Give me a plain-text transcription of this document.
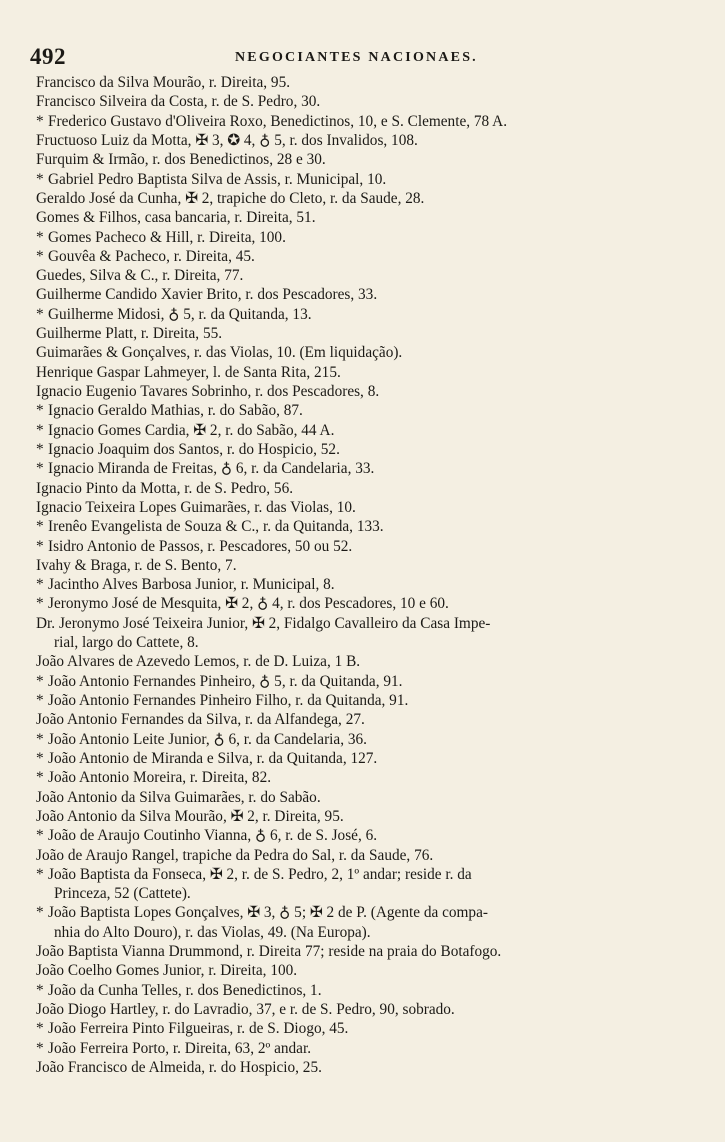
492	NEGOCIANTES NACIONAES.
Francisco da Silva Mourão, r. Direita, 95.
Francisco Silveira da Costa, r. de S. Pedro, 30.
* Frederico Gustavo d'Oliveira Roxo, Benedictinos, 10, e S. Clemente, 78 A.
Fructuoso Luiz da Motta, ✠ 3, ✪ 4, ♁ 5, r. dos Invalidos, 108.
Furquim & Irmão, r. dos Benedictinos, 28 e 30.
* Gabriel Pedro Baptista Silva de Assis, r. Municipal, 10.
Geraldo José da Cunha, ✠ 2, trapiche do Cleto, r. da Saude, 28.
Gomes & Filhos, casa bancaria, r. Direita, 51.
* Gomes Pacheco & Hill, r. Direita, 100.
* Gouvêa & Pacheco, r. Direita, 45.
Guedes, Silva & C., r. Direita, 77.
Guilherme Candido Xavier Brito, r. dos Pescadores, 33.
* Guilherme Midosi, ♁ 5, r. da Quitanda, 13.
Guilherme Platt, r. Direita, 55.
Guimarães & Gonçalves, r. das Violas, 10. (Em liquidação).
Henrique Gaspar Lahmeyer, l. de Santa Rita, 215.
Ignacio Eugenio Tavares Sobrinho, r. dos Pescadores, 8.
* Ignacio Geraldo Mathias, r. do Sabão, 87.
* Ignacio Gomes Cardia, ✠ 2, r. do Sabão, 44 A.
* Ignacio Joaquim dos Santos, r. do Hospicio, 52.
* Ignacio Miranda de Freitas, ♁ 6, r. da Candelaria, 33.
Ignacio Pinto da Motta, r. de S. Pedro, 56.
Ignacio Teixeira Lopes Guimarães, r. das Violas, 10.
* Irenêo Evangelista de Souza & C., r. da Quitanda, 133.
* Isidro Antonio de Passos, r. Pescadores, 50 ou 52.
Ivahy & Braga, r. de S. Bento, 7.
* Jacintho Alves Barbosa Junior, r. Municipal, 8.
* Jeronymo José de Mesquita, ✠ 2, ♁ 4, r. dos Pescadores, 10 e 60.
Dr. Jeronymo José Teixeira Junior, ✠ 2, Fidalgo Cavalleiro da Casa Impe-
rial, largo do Cattete, 8.
João Alvares de Azevedo Lemos, r. de D. Luiza, 1 B.
* João Antonio Fernandes Pinheiro, ♁ 5, r. da Quitanda, 91.
* João Antonio Fernandes Pinheiro Filho, r. da Quitanda, 91.
João Antonio Fernandes da Silva, r. da Alfandega, 27.
* João Antonio Leite Junior, ♁ 6, r. da Candelaria, 36.
* João Antonio de Miranda e Silva, r. da Quitanda, 127.
* João Antonio Moreira, r. Direita, 82.
João Antonio da Silva Guimarães, r. do Sabão.
João Antonio da Silva Mourão, ✠ 2, r. Direita, 95.
* João de Araujo Coutinho Vianna, ♁ 6, r. de S. José, 6.
João de Araujo Rangel, trapiche da Pedra do Sal, r. da Saude, 76.
* João Baptista da Fonseca, ✠ 2, r. de S. Pedro, 2, 1º andar; reside r. da
Princeza, 52 (Cattete).
* João Baptista Lopes Gonçalves, ✠ 3, ♁ 5; ✠ 2 de P. (Agente da compa-
nhia do Alto Douro), r. das Violas, 49. (Na Europa).
João Baptista Vianna Drummond, r. Direita 77; reside na praia do Botafogo.
João Coelho Gomes Junior, r. Direita, 100.
* João da Cunha Telles, r. dos Benedictinos, 1.
João Diogo Hartley, r. do Lavradio, 37, e r. de S. Pedro, 90, sobrado.
* João Ferreira Pinto Filgueiras, r. de S. Diogo, 45.
* João Ferreira Porto, r. Direita, 63, 2º andar.
João Francisco de Almeida, r. do Hospicio, 25.
